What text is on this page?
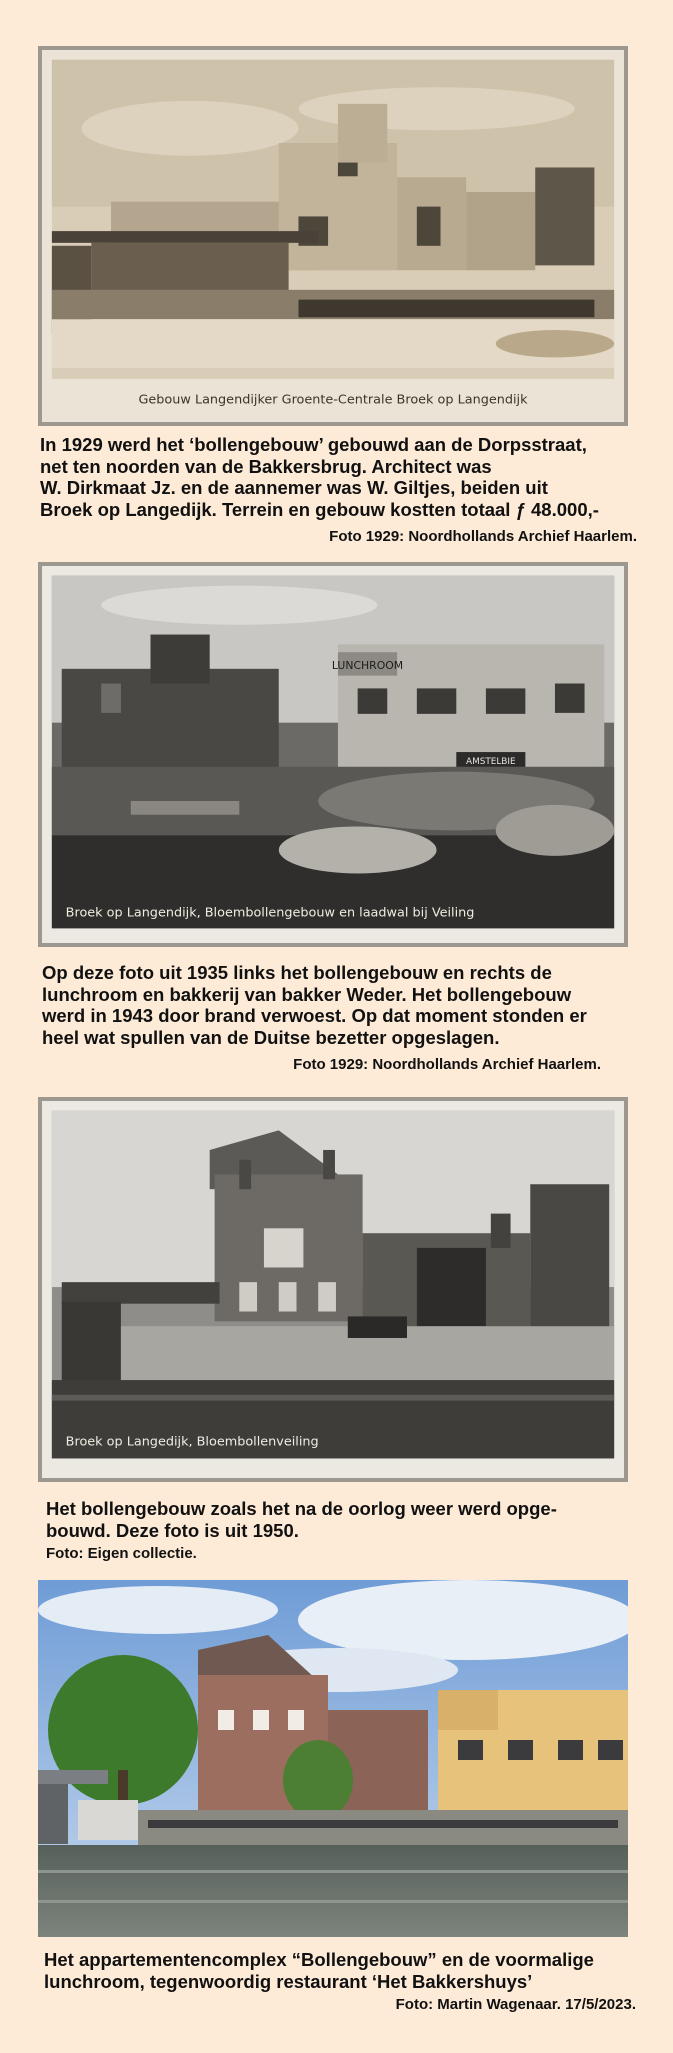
Gebouw Langendijker Groente-Centrale Broek op Langendijk

In 1929 werd het ‘bollengebouw’ gebouwd aan de Dorpsstraat,

net ten noorden van de Bakkersbrug. Architect was

W. Dirkmaat Jz. en de aannemer was W. Giltjes, beiden uit

Broek op Langedijk. Terrein en gebouw kostten totaal ƒ 48.000,-

Foto 1929: Noordhollands Archief Haarlem.
LUNCHROOM
AMSTELBIE
Broek op Langendijk, Bloembollengebouw en laadwal bij Veiling

Op deze foto uit 1935 links het bollengebouw en rechts de

lunchroom en bakkerij van bakker Weder. Het bollengebouw

werd in 1943 door brand verwoest. Op dat moment stonden er

heel wat spullen van de Duitse bezetter opgeslagen.

Foto 1929: Noordhollands Archief Haarlem.
Broek op Langedijk, Bloembollenveiling

Het bollengebouw zoals het na de oorlog weer werd opge-

bouwd. Deze foto is uit 1950.

Foto: Eigen collectie.

Het appartementencomplex “Bollengebouw” en de voormalige

lunchroom, tegenwoordig restaurant ‘Het Bakkershuys’

Foto: Martin Wagenaar. 17/5/2023.
